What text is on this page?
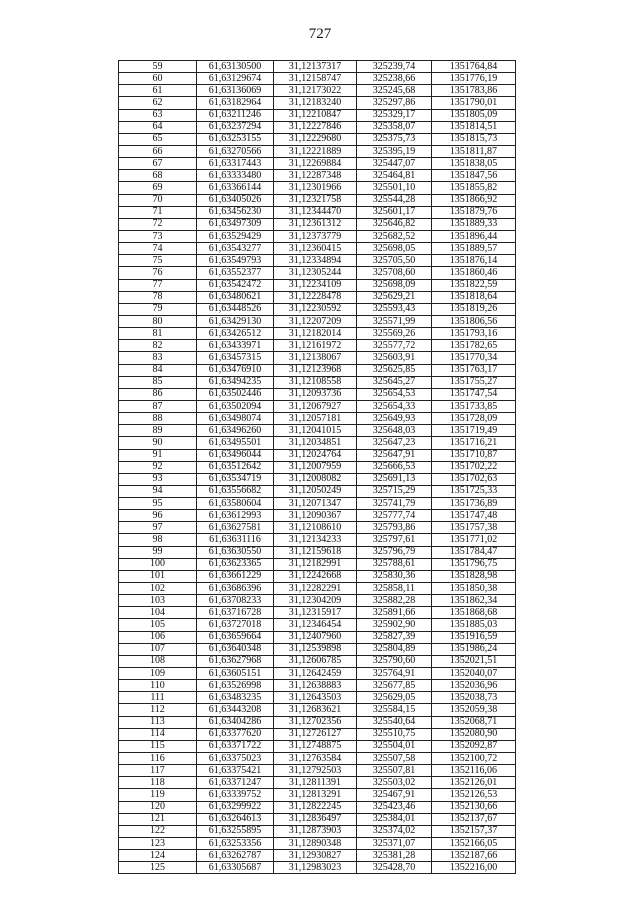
727
59	61,63130500	31,12137317	325239,74	1351764,84
60	61,63129674	31,12158747	325238,66	1351776,19
61	61,63136069	31,12173022	325245,68	1351783,86
62	61,63182964	31,12183240	325297,86	1351790,01
63	61,63211246	31,12210847	325329,17	1351805,09
64	61,63237294	31,12227846	325358,07	1351814,51
65	61,63253155	31,12229680	325375,73	1351815,73
66	61,63270566	31,12221889	325395,19	1351811,87
67	61,63317443	31,12269884	325447,07	1351838,05
68	61,63333480	31,12287348	325464,81	1351847,56
69	61,63366144	31,12301966	325501,10	1351855,82
70	61,63405026	31,12321758	325544,28	1351866,92
71	61,63456230	31,12344470	325601,17	1351879,76
72	61,63497309	31,12361312	325646,82	1351889,33
73	61,63529429	31,12373779	325682,52	1351896,44
74	61,63543277	31,12360415	325698,05	1351889,57
75	61,63549793	31,12334894	325705,50	1351876,14
76	61,63552377	31,12305244	325708,60	1351860,46
77	61,63542472	31,12234109	325698,09	1351822,59
78	61,63480621	31,12228478	325629,21	1351818,64
79	61,63448526	31,12230592	325593,43	1351819,26
80	61,63429130	31,12207209	325571,99	1351806,56
81	61,63426512	31,12182014	325569,26	1351793,16
82	61,63433971	31,12161972	325577,72	1351782,65
83	61,63457315	31,12138067	325603,91	1351770,34
84	61,63476910	31,12123968	325625,85	1351763,17
85	61,63494235	31,12108558	325645,27	1351755,27
86	61,63502446	31,12093736	325654,53	1351747,54
87	61,63502094	31,12067927	325654,33	1351733,85
88	61,63498074	31,12057181	325649,93	1351728,09
89	61,63496260	31,12041015	325648,03	1351719,49
90	61,63495501	31,12034851	325647,23	1351716,21
91	61,63496044	31,12024764	325647,91	1351710,87
92	61,63512642	31,12007959	325666,53	1351702,22
93	61,63534719	31,12008082	325691,13	1351702,63
94	61,63556682	31,12050249	325715,29	1351725,33
95	61,63580604	31,12071347	325741,79	1351736,89
96	61,63612993	31,12090367	325777,74	1351747,48
97	61,63627581	31,12108610	325793,86	1351757,38
98	61,63631116	31,12134233	325797,61	1351771,02
99	61,63630550	31,12159618	325796,79	1351784,47
100	61,63623365	31,12182991	325788,61	1351796,75
101	61,63661229	31,12242668	325830,36	1351828,98
102	61,63686396	31,12282291	325858,11	1351850,38
103	61,63708233	31,12304209	325882,28	1351862,34
104	61,63716728	31,12315917	325891,66	1351868,68
105	61,63727018	31,12346454	325902,90	1351885,03
106	61,63659664	31,12407960	325827,39	1351916,59
107	61,63640348	31,12539898	325804,89	1351986,24
108	61,63627968	31,12606785	325790,60	1352021,51
109	61,63605151	31,12642459	325764,91	1352040,07
110	61,63526998	31,12638883	325677,85	1352036,96
111	61,63483235	31,12643503	325629,05	1352038,73
112	61,63443208	31,12683621	325584,15	1352059,38
113	61,63404286	31,12702356	325540,64	1352068,71
114	61,63377620	31,12726127	325510,75	1352080,90
115	61,63371722	31,12748875	325504,01	1352092,87
116	61,63375023	31,12763584	325507,58	1352100,72
117	61,63375421	31,12792503	325507,81	1352116,06
118	61,63371247	31,12811391	325503,02	1352126,01
119	61,63339752	31,12813291	325467,91	1352126,53
120	61,63299922	31,12822245	325423,46	1352130,66
121	61,63264613	31,12836497	325384,01	1352137,67
122	61,63255895	31,12873903	325374,02	1352157,37
123	61,63253356	31,12890348	325371,07	1352166,05
124	61,63262787	31,12930827	325381,28	1352187,66
125	61,63305687	31,12983023	325428,70	1352216,00
